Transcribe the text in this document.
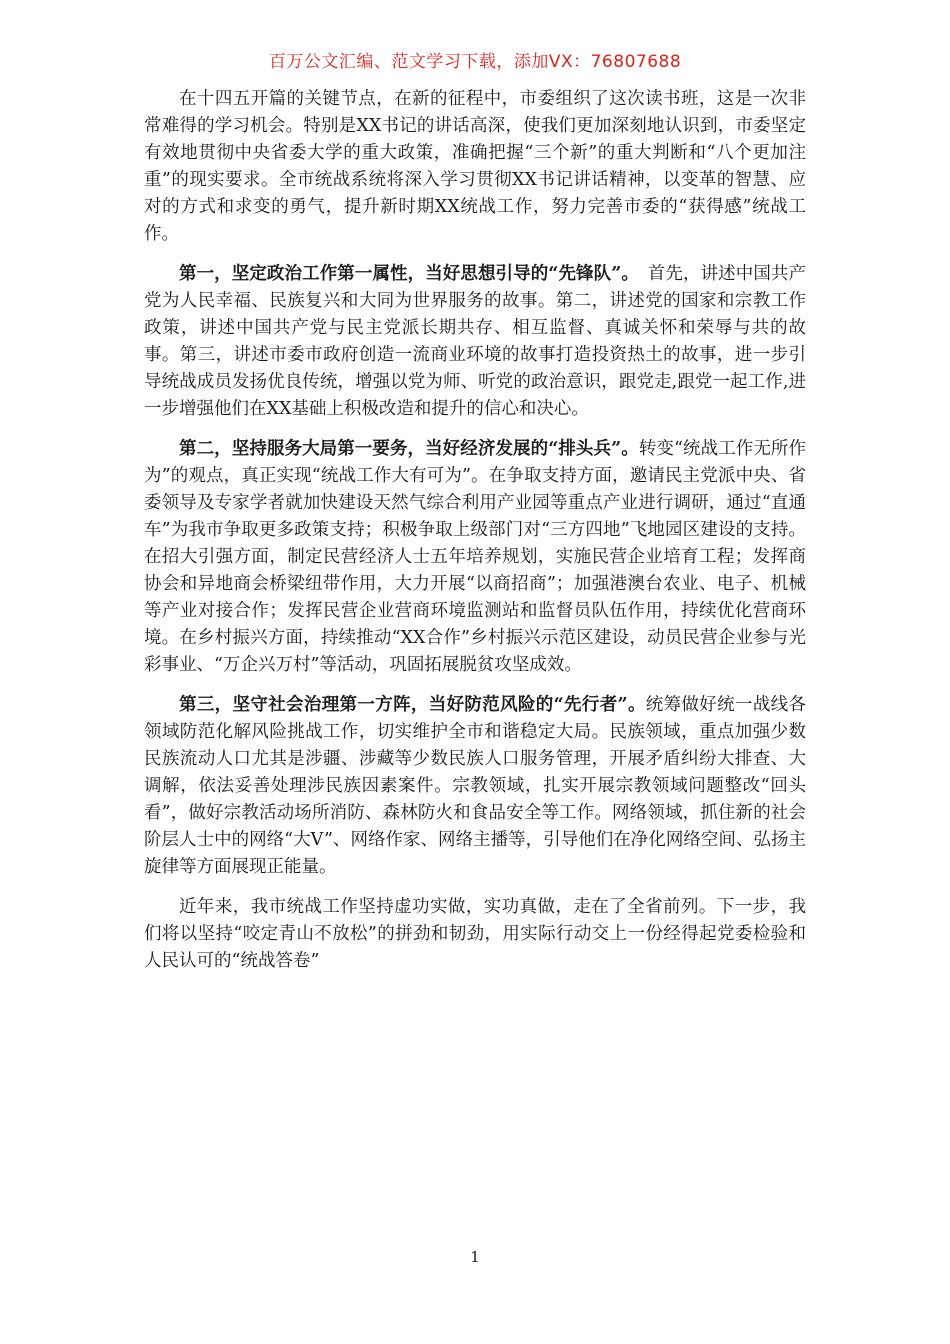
百万公文汇编、范文学习下载，添加VX：76807688

在十四五开篇的关键节点，在新的征程中，市委组织了这次读书班，这是一次非常难得的学习机会。特别是XX书记的讲话高深，使我们更加深刻地认识到，市委坚定有效地贯彻中央省委大学的重大政策，准确把握“三个新”的重大判断和“八个更加注重”的现实要求。全市统战系统将深入学习贯彻XX书记讲话精神，以变革的智慧、应对的方式和求变的勇气，提升新时期XX统战工作，努力完善市委的“获得感”统战工作。

第一，坚定政治工作第一属性，当好思想引导的“先锋队”。　首先，讲述中国共产党为人民幸福、民族复兴和大同为世界服务的故事。第二，讲述党的国家和宗教工作政策，讲述中国共产党与民主党派长期共存、相互监督、真诚关怀和荣辱与共的故事。第三，讲述市委市政府创造一流商业环境的故事打造投资热土的故事，进一步引导统战成员发扬优良传统，增强以党为师、听党的政治意识，跟党走,跟党一起工作,进一步增强他们在XX基础上积极改造和提升的信心和决心。

第二，坚持服务大局第一要务，当好经济发展的“排头兵”。转变“统战工作无所作为”的观点，真正实现“统战工作大有可为”。在争取支持方面，邀请民主党派中央、省委领导及专家学者就加快建设天然气综合利用产业园等重点产业进行调研，通过“直通车”为我市争取更多政策支持；积极争取上级部门对“三方四地”飞地园区建设的支持。在招大引强方面，制定民营经济人士五年培养规划，实施民营企业培育工程；发挥商协会和异地商会桥梁纽带作用，大力开展“以商招商”；加强港澳台农业、电子、机械等产业对接合作；发挥民营企业营商环境监测站和监督员队伍作用，持续优化营商环境。在乡村振兴方面，持续推动“XX合作”乡村振兴示范区建设，动员民营企业参与光彩事业、“万企兴万村”等活动，巩固拓展脱贫攻坚成效。

第三，坚守社会治理第一方阵，当好防范风险的“先行者”。统筹做好统一战线各领域防范化解风险挑战工作，切实维护全市和谐稳定大局。民族领域，重点加强少数民族流动人口尤其是涉疆、涉藏等少数民族人口服务管理，开展矛盾纠纷大排查、大调解，依法妥善处理涉民族因素案件。宗教领域，扎实开展宗教领域问题整改“回头看”，做好宗教活动场所消防、森林防火和食品安全等工作。网络领域，抓住新的社会阶层人士中的网络“大V”、网络作家、网络主播等，引导他们在净化网络空间、弘扬主旋律等方面展现正能量。

近年来，我市统战工作坚持虚功实做，实功真做，走在了全省前列。下一步，我们将以坚持“咬定青山不放松”的拼劲和韧劲，用实际行动交上一份经得起党委检验和人民认可的“统战答卷”

1
